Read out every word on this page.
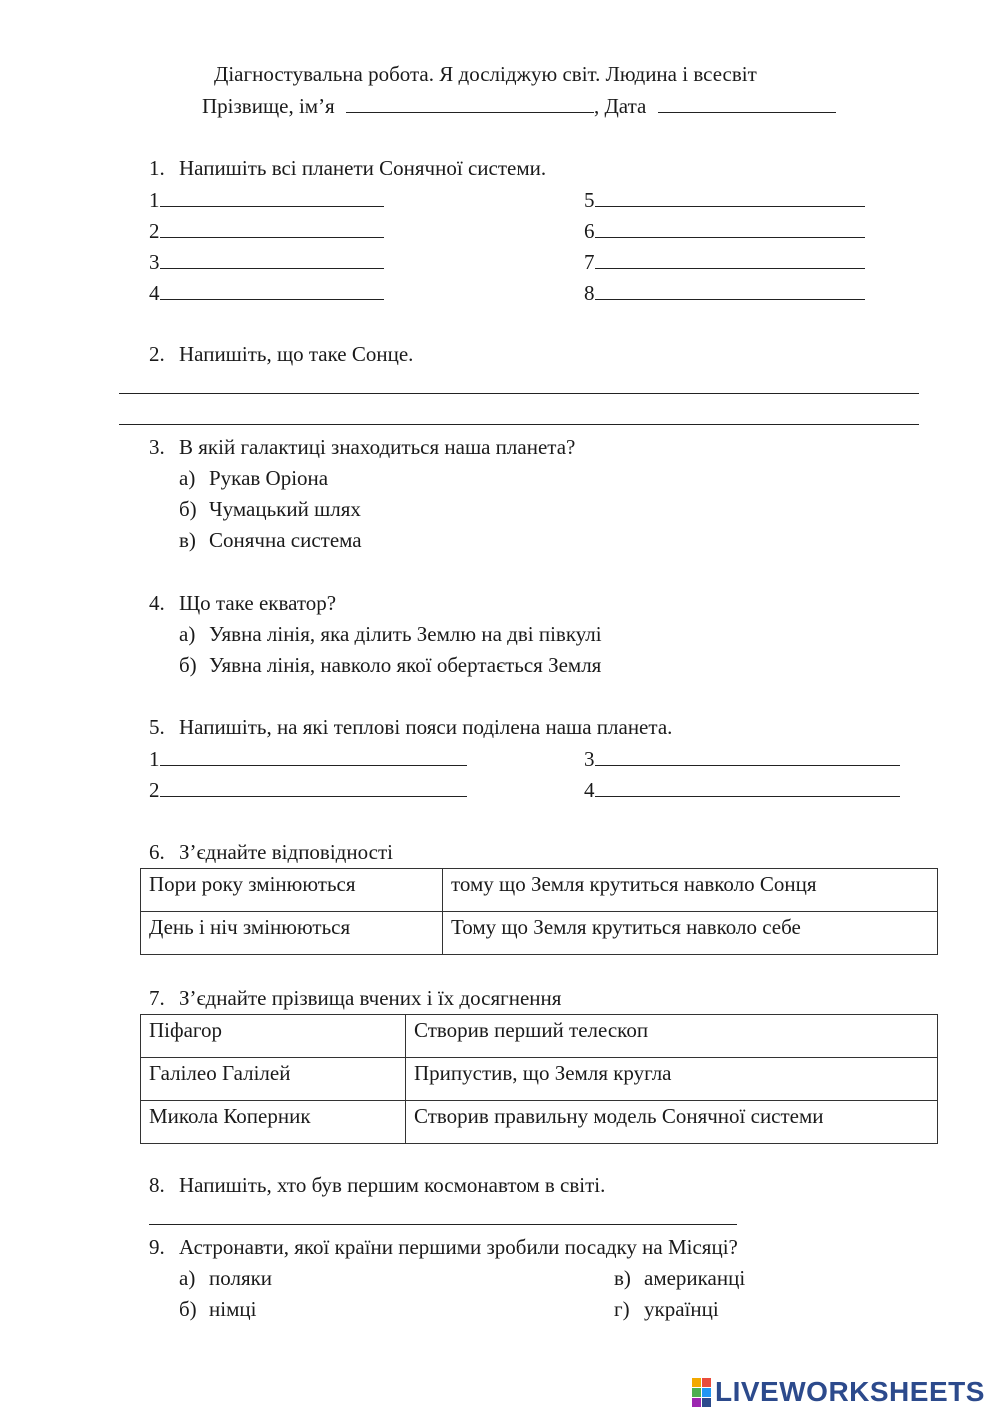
Діагностувальна робота. Я досліджую світ. Людина і всесвіт
Прізвище, ім’я	, Дата
1. Напишіть всі планети Сонячної системи.
1
2
3
4
5
6
7
8
2. Напишіть, що таке Сонце.
3. В якій галактиці знаходиться наша планета?
а) Рукав Оріона
б) Чумацький шлях
в) Сонячна система
4. Що таке екватор?
а) Уявна лінія, яка ділить Землю на дві півкулі
б) Уявна лінія, навколо якої обертається Земля
5. Напишіть, на які теплові пояси поділена наша планета.
1
2
3
4
6. З’єднайте відповідності
Пори року змінюються	тому що Земля крутиться навколо Сонця
День і ніч змінюються	Тому що Земля крутиться навколо себе
7. З’єднайте прізвища вчених і їх досягнення
Піфагор	Створив перший телескоп
Галілео Галілей	Припустив, що Земля кругла
Микола Коперник	Створив правильну модель Сонячної системи
8. Напишіть, хто був першим космонавтом в світі.
9. Астронавти, якої країни першими зробили посадку на Місяці?
а) поляки
б) німці
в) американці
г) українці
LIVEWORKSHEETS
